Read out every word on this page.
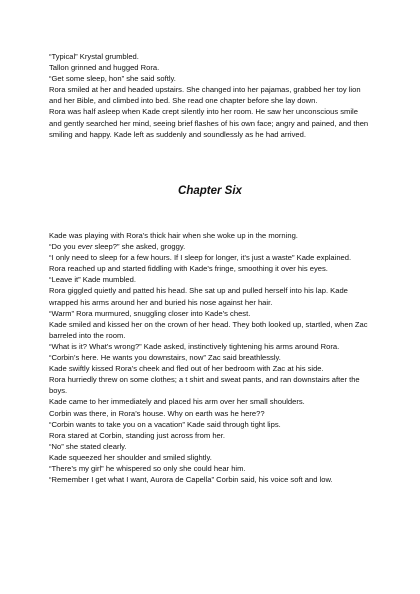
“Typical” Krystal grumbled.

Tallon grinned and hugged Rora.

“Get some sleep, hon” she said softly.

Rora smiled at her and headed upstairs. She changed into her pajamas, grabbed her toy lion and her Bible, and climbed into bed. She read one chapter before she lay down.

Rora was half asleep when Kade crept silently into her room. He saw her unconscious smile and gently searched her mind, seeing brief flashes of his own face; angry and pained, and then smiling and happy. Kade left as suddenly and soundlessly as he had arrived.

Chapter Six

Kade was playing with Rora’s thick hair when she woke up in the morning.

“Do you ever sleep?” she asked, groggy.

“I only need to sleep for a few hours. If I sleep for longer, it’s just a waste” Kade explained.

Rora reached up and started fiddling with Kade’s fringe, smoothing it over his eyes.

“Leave it” Kade mumbled.

Rora giggled quietly and patted his head. She sat up and pulled herself into his lap. Kade wrapped his arms around her and buried his nose against her hair.

“Warm” Rora murmured, snuggling closer into Kade’s chest.

Kade smiled and kissed her on the crown of her head. They both looked up, startled, when Zac barreled into the room.

“What is it? What’s wrong?” Kade asked, instinctively tightening his arms around Rora.

“Corbin’s here. He wants you downstairs, now” Zac said breathlessly.

Kade swiftly kissed Rora’s cheek and fled out of her bedroom with Zac at his side.

Rora hurriedly threw on some clothes; a t shirt and sweat pants, and ran downstairs after the boys.

Kade came to her immediately and placed his arm over her small shoulders.

Corbin was there, in Rora’s house. Why on earth was he here??

“Corbin wants to take you on a vacation” Kade said through tight lips.

Rora stared at Corbin, standing just across from her.

“No” she stated clearly.

Kade squeezed her shoulder and smiled slightly.

“There’s my girl” he whispered so only she could hear him.

“Remember I get what I want, Aurora de Capella” Corbin said, his voice soft and low.
